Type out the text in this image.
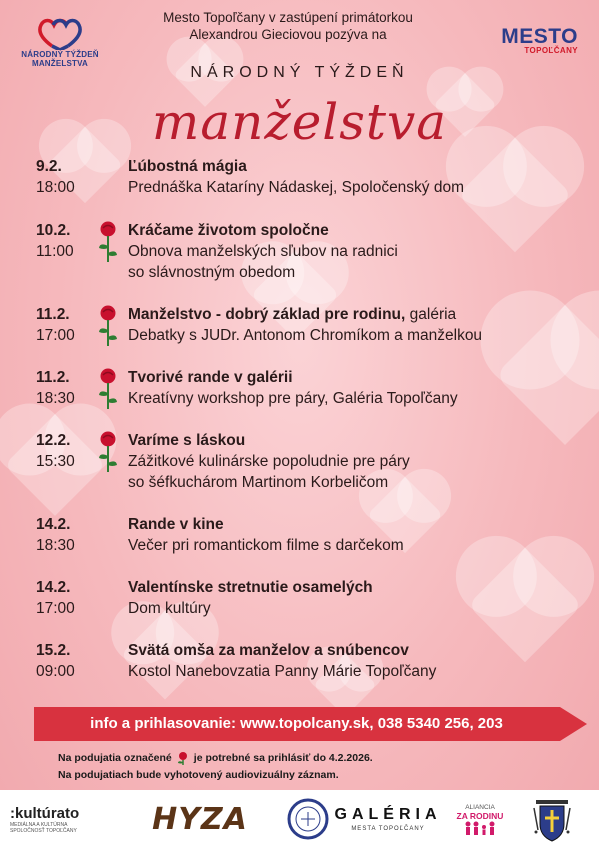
NÁRODNÝ TÝŽDEŇ
MANŽELSTVA
Mesto Topoľčany v zastúpení primátorkou
Alexandrou Gieciovou pozýva na	MESTO
TOPOĽČANY
NÁRODNÝ TÝŽDEŇ
manželstva
9.2.
18:00
Ľúbostná mágia
Prednáška Kataríny Nádaskej, Spoločenský dom
10.2.
11:00
Kráčame životom spoločne
Obnova manželských sľubov na radnici
so slávnostným obedom
11.2.
17:00
Manželstvo - dobrý základ pre rodinu, galéria
Debatky s JUDr. Antonom Chromíkom a manželkou
11.2.
18:30
Tvorivé rande v galérii
Kreatívny workshop pre páry, Galéria Topoľčany
12.2.
15:30
Varíme s láskou
Zážitkové kulinárske popoludnie pre páry
so šéfkuchárom Martinom Korbeličom
14.2.
18:30
Rande v kine
Večer pri romantickom filme s darčekom
14.2.
17:00
Valentínske stretnutie osamelých
Dom kultúry
15.2.
09:00
Svätá omša za manželov a snúbencov
Kostol Nanebovzatia Panny Márie Topoľčany
info a prihlasovanie: www.topolcany.sk, 038 5340 256, 203
Na podujatia označené je potrebné sa prihlásiť do 4.2.2026.
Na podujatiach bude vyhotovený audiovizuálny záznam.
:kultúrato
MEDIÁLNA A KULTÚRNA SPOLOČNOSŤ TOPOĽČANY	HYZA	GALÉRIA
MESTA TOPOĽČANY
ALIANCIA
ZA RODINU
